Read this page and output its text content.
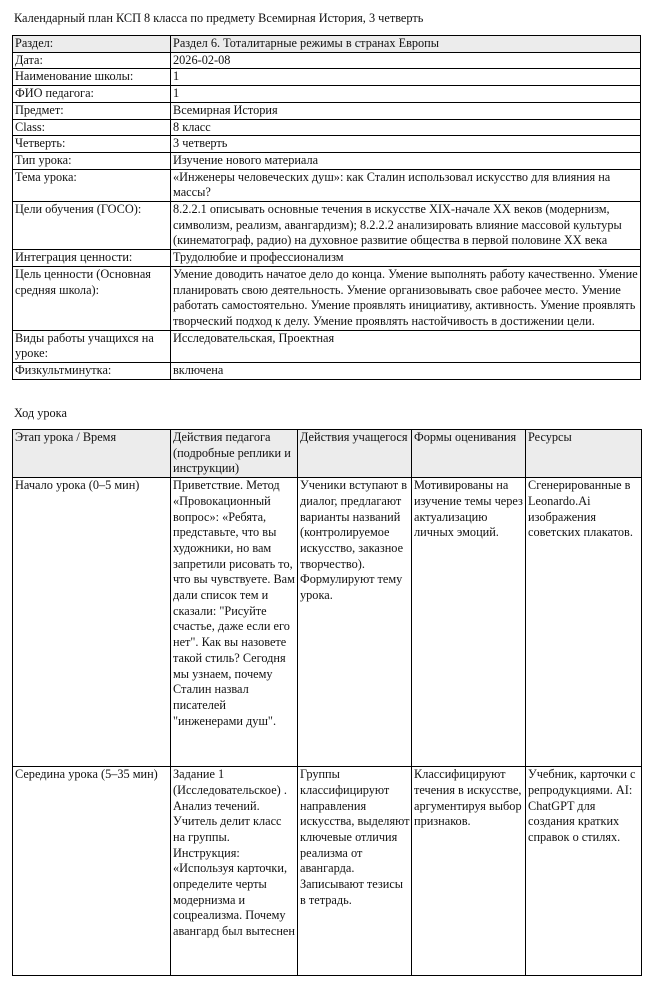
Календарный план КСП 8 класса по предмету Всемирная История, 3 четверть
Раздел:	Раздел 6. Тоталитарные режимы в странах Европы
Дата:	2026-02-08
Наименование школы:	1
ФИО педагога:	1
Предмет:	Всемирная История
Class:	8 класс
Четверть:	3 четверть
Тип урока:	Изучение нового материала
Тема урока:	«Инженеры человеческих душ»: как Сталин использовал искусство для влияния на массы?
Цели обучения (ГОСО):	8.2.2.1 описывать основные течения в искусстве XIX-начале XX веков (модернизм, символизм, реализм, авангардизм); 8.2.2.2 анализировать влияние массовой культуры (кинематограф, радио) на духовное развитие общества в первой половине XX века
Интеграция ценности:	Трудолюбие и профессионализм
Цель ценности (Основная средняя школа):	Умение доводить начатое дело до конца. Умение выполнять работу качественно. Умение планировать свою деятельность. Умение организовывать свое рабочее место. Умение работать самостоятельно. Умение проявлять инициативу, активность. Умение проявлять творческий подход к делу. Умение проявлять настойчивость в достижении цели.
Виды работы учащихся на уроке:	Исследовательская, Проектная
Физкультминутка:	включена
Ход урока
Этап урока / Время	Действия педагога (подробные реплики и инструкции)	Действия учащегося	Формы оценивания	Ресурсы
Начало урока (0–5 мин)	Приветствие. Метод «Провокационный вопрос»: «Ребята, представьте, что вы художники, но вам запретили рисовать то, что вы чувствуете. Вам дали список тем и сказали: "Рисуйте счастье, даже если его нет". Как вы назовете такой стиль? Сегодня мы узнаем, почему Сталин назвал писателей "инженерами душ".	Ученики вступают в диалог, предлагают варианты названий (контролируемое искусство, заказное творчество). Формулируют тему урока.	Мотивированы на изучение темы через актуализацию личных эмоций.	Сгенерированные в Leonardo.Ai изображения советских плакатов.
Середина урока (5–35 мин)	Задание 1 (Исследовательское) . Анализ течений. Учитель делит класс на группы. Инструкция: «Используя карточки, определите черты модернизма и соцреализма. Почему авангард был вытеснен	Группы классифицируют направления искусства, выделяют ключевые отличия реализма от авангарда. Записывают тезисы в тетрадь.	Классифицируют течения в искусстве, аргументируя выбор признаков.	Учебник, карточки с репродукциями. AI: ChatGPT для создания кратких справок о стилях.
